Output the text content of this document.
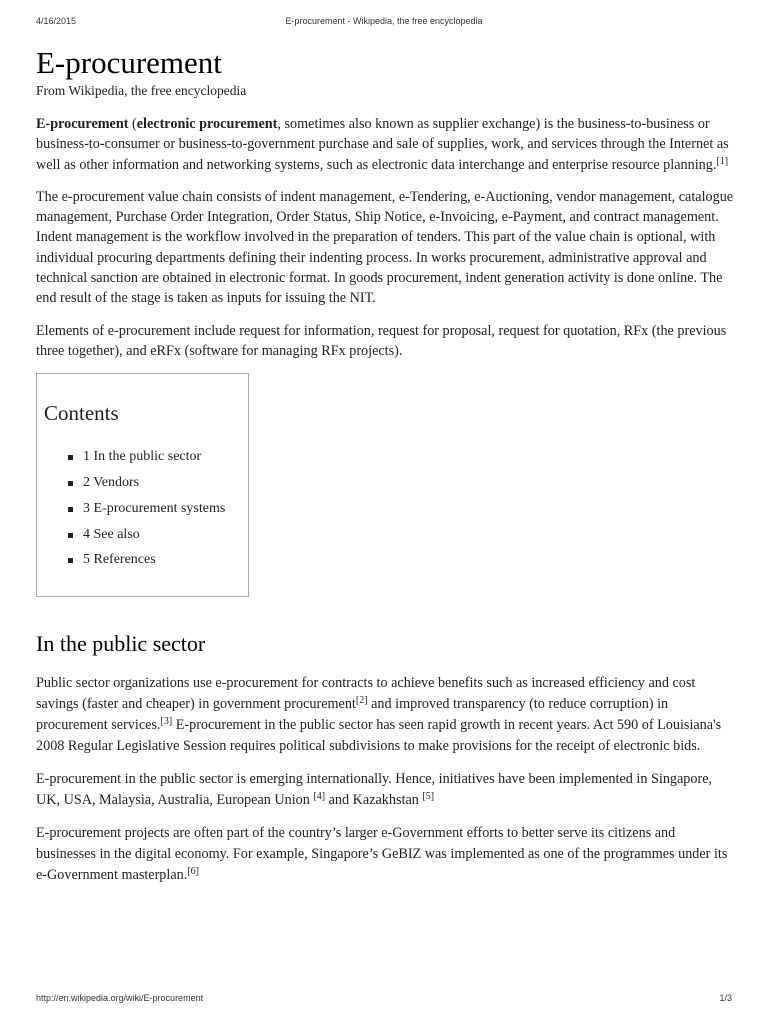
4/16/2015	E-procurement - Wikipedia, the free encyclopedia
E-procurement
From Wikipedia, the free encyclopedia

E-procurement (electronic procurement, sometimes also known as supplier exchange) is the business-to-business or business-to-consumer or business-to-government purchase and sale of supplies, work, and services through the Internet as well as other information and networking systems, such as electronic data interchange and enterprise resource planning.[1]

The e-procurement value chain consists of indent management, e-Tendering, e-Auctioning, vendor management, catalogue management, Purchase Order Integration, Order Status, Ship Notice, e-Invoicing, e-Payment, and contract management. Indent management is the workflow involved in the preparation of tenders. This part of the value chain is optional, with individual procuring departments defining their indenting process. In works procurement, administrative approval and technical sanction are obtained in electronic format. In goods procurement, indent generation activity is done online. The end result of the stage is taken as inputs for issuing the NIT.

Elements of e-procurement include request for information, request for proposal, request for quotation, RFx (the previous three together), and eRFx (software for managing RFx projects).

Contents
1 In the public sector
2 Vendors
3 E-procurement systems
4 See also
5 References
In the public sector

Public sector organizations use e-procurement for contracts to achieve benefits such as increased efficiency and cost savings (faster and cheaper) in government procurement[2] and improved transparency (to reduce corruption) in procurement services.[3] E-procurement in the public sector has seen rapid growth in recent years. Act 590 of Louisiana's 2008 Regular Legislative Session requires political subdivisions to make provisions for the receipt of electronic bids.

E-procurement in the public sector is emerging internationally. Hence, initiatives have been implemented in Singapore, UK, USA, Malaysia, Australia, European Union [4] and Kazakhstan [5]

E-procurement projects are often part of the country’s larger e-Government efforts to better serve its citizens and businesses in the digital economy. For example, Singapore’s GeBIZ was implemented as one of the programmes under its e-Government masterplan.[6]

http://en.wikipedia.org/wiki/E-procurement	1/3
